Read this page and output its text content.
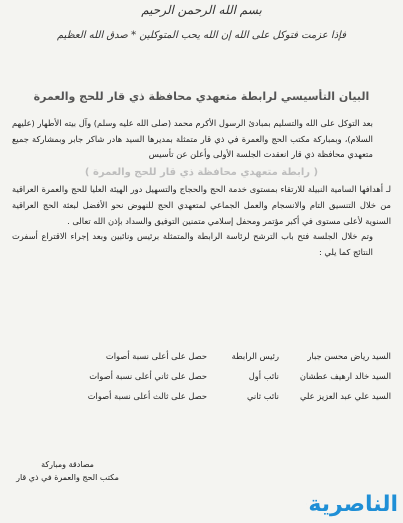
بسم الله الرحمن الرحيم
فإذا عزمت فتوكل على الله إن الله يحب المتوكلين * صدق الله العظيم
البيان التأسيسي لرابطة متعهدي محافظة ذي قار للحج والعمرة

بعد التوكل على الله والتسليم بمبادئ الرسول الأكرم محمد (صلى الله عليه وسلم) وآل بيته الأطهار (عليهم السلام)، وبمباركة مكتب الحج والعمرة في ذي قار متمثلة بمديرها السيد هادر شاكر جابر وبمشاركة جميع متعهدي محافظة ذي قار انعقدت الجلسة الأولى وأعلن عن تأسيس

( رابطة متعهدي محافظة ذي قار للحج والعمرة )

لـ أهدافها السامية النبيلة للارتقاء بمستوى خدمة الحج والحجاج والتسهيل دور الهيئة العليا للحج والعمرة العراقية من خلال التنسيق التام والانسجام والعمل الجماعي لمتعهدي الحج للنهوض نحو الأفضل لبعثة الحج العراقية السنوية لأعلى مستوى في أكبر مؤتمر ومحفل إسلامي متمنين التوفيق والسداد بإذن الله تعالى .

وتم خلال الجلسة فتح باب الترشح لرئاسة الرابطة والمتمثلة برئيس ونائبين وبعد إجراء الاقتراع أسفرت النتائج كما يلي :

السيد رياض محسن جبار
رئيس الرابطة
حصل على أعلى نسبة أصوات
السيد خالد ارهيف عطشان
نائب أول
حصل على ثاني أعلى نسبة أصوات
السيد علي عبد العزيز علي
نائب ثاني
حصل على ثالث أعلى نسبة أصوات
مصادقة ومباركة
مكتب الحج والعمرة في ذي قار
الناصرية
